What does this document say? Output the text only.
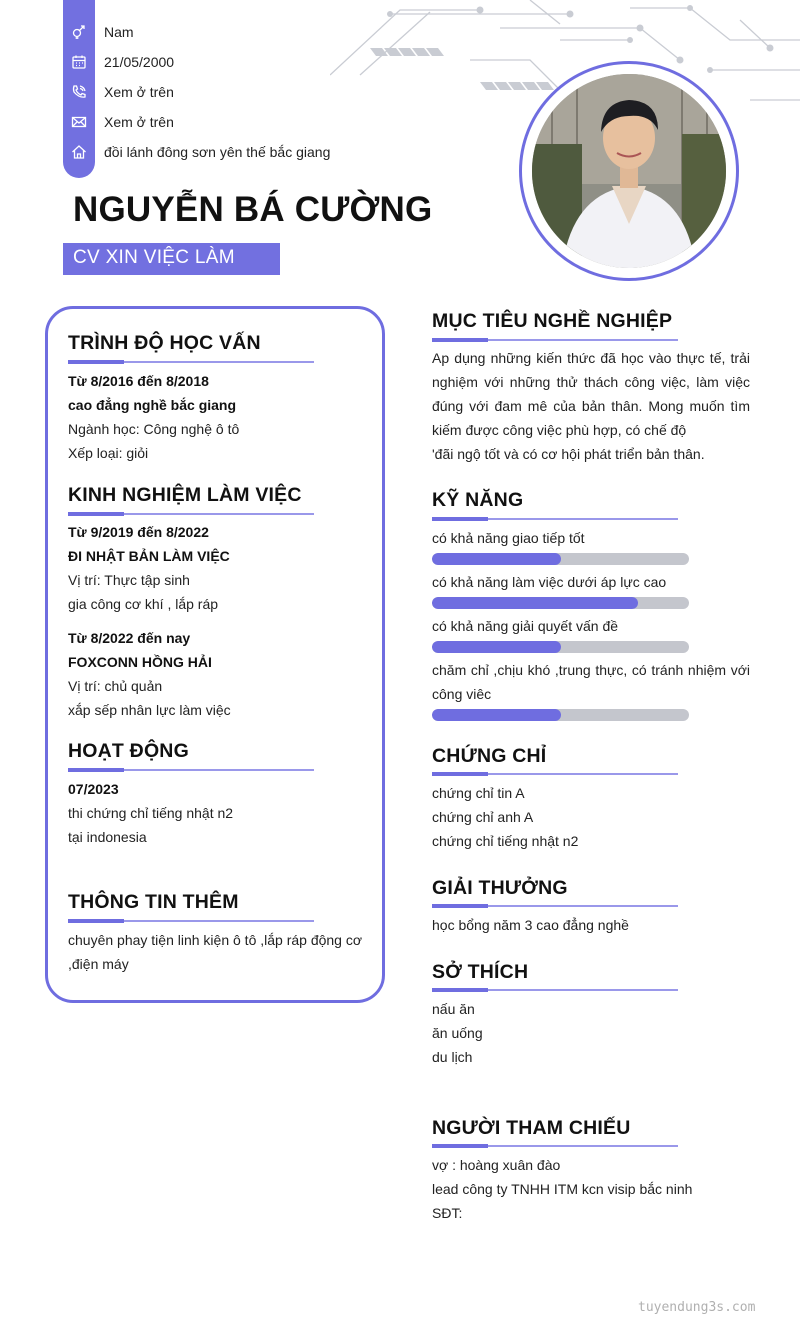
Nam
21/05/2000
Xem ở trên
Xem ở trên
đồi lánh đông sơn yên thế bắc giang
NGUYỄN BÁ CƯỜNG
CV XIN VIỆC LÀM
TRÌNH ĐỘ HỌC VẤN
Từ 8/2016 đến 8/2018
cao đẳng nghề bắc giang
Ngành học: Công nghệ ô tô
Xếp loại: giỏi
KINH NGHIỆM LÀM VIỆC
Từ 9/2019 đến 8/2022
ĐI NHẬT BẢN LÀM VIỆC
Vị trí: Thực tập sinh
gia công cơ khí , lắp ráp
Từ 8/2022 đến nay
FOXCONN HỒNG HẢI
Vị trí: chủ quản
xắp sếp nhân lực làm việc
HOẠT ĐỘNG
07/2023
thi chứng chỉ tiếng nhật n2
tại indonesia
THÔNG TIN THÊM
chuyên phay tiện linh kiện ô tô ,lắp ráp động cơ
,điện máy
MỤC TIÊU NGHỀ NGHIỆP
Ap dụng những kiến thức đã học vào thực tế, trải
nghiệm với những thử thách công việc, làm việc
đúng với đam mê của bản thân. Mong muốn tìm
kiếm được công việc phù hợp, có chế độ
'đãi ngộ tốt và có cơ hội phát triển bản thân.
KỸ NĂNG
có khả năng giao tiếp tốt
có khả năng làm việc dưới áp lực cao
có khả năng giải quyết vấn đề
chăm chỉ ,chịu khó ,trung thực, có tránh nhiệm với
công viêc
CHỨNG CHỈ
chứng chỉ tin A
chứng chỉ anh A
chứng chỉ tiếng nhật n2
GIẢI THƯỞNG
học bổng năm 3 cao đẳng nghề
SỞ THÍCH
nấu ăn
ăn uống
du lịch
NGƯỜI THAM CHIẾU
vợ : hoàng xuân đào
lead công ty TNHH ITM kcn visip bắc ninh
SĐT:
tuyendung3s.com
